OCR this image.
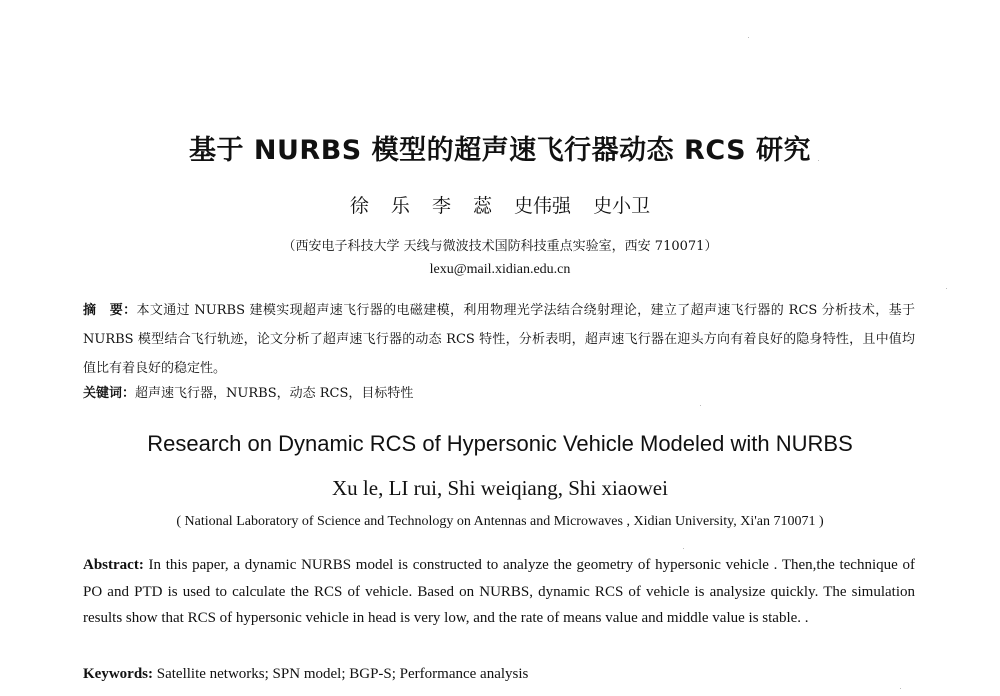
基于 NURBS 模型的超声速飞行器动态 RCS 研究
徐 乐 李 蕊 史伟强 史小卫
（西安电子科技大学 天线与微波技术国防科技重点实验室，西安 710071）
lexu@mail.xidian.edu.cn
摘　要：本文通过 NURBS 建模实现超声速飞行器的电磁建模，利用物理光学法结合绕射理论，建立了超声速飞行器的 RCS 分析技术，基于 NURBS 模型结合飞行轨迹，论文分析了超声速飞行器的动态 RCS 特性，分析表明，超声速飞行器在迎头方向有着良好的隐身特性，且中值均值比有着良好的稳定性。
关键词：超声速飞行器，NURBS，动态 RCS，目标特性
Research on Dynamic RCS of Hypersonic Vehicle Modeled with NURBS
Xu le, LI rui, Shi weiqiang, Shi xiaowei
( National Laboratory of Science and Technology on Antennas and Microwaves , Xidian University, Xi'an 710071 )
Abstract: In this paper, a dynamic NURBS model is constructed to analyze the geometry of hypersonic vehicle . Then,the technique of PO and PTD is used to calculate the RCS of vehicle. Based on NURBS, dynamic RCS of vehicle is analysize quickly. The simulation results show that RCS of hypersonic vehicle in head is very low, and the rate of means value and middle value is stable. .
Keywords: Satellite networks; SPN model; BGP-S; Performance analysis
